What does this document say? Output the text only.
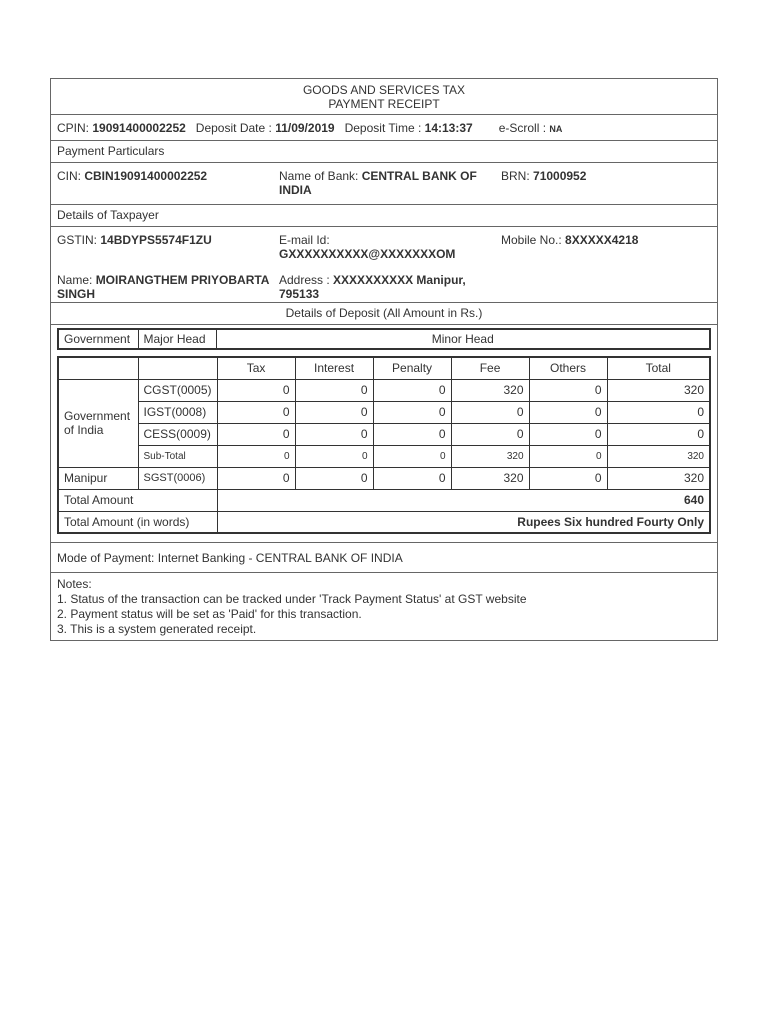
GOODS AND SERVICES TAX
PAYMENT RECEIPT
CPIN: 19091400002252 Deposit Date : 11/09/2019 Deposit Time : 14:13:37 e-Scroll : NA
Payment Particulars
CIN: CBIN19091400002252	Name of Bank: CENTRAL BANK OF INDIA
BRN: 71000952
Details of Taxpayer
GSTIN: 14BDYPS5574F1ZU	E-mail Id:
GXXXXXXXXXX@XXXXXXXOM
Mobile No.: 8XXXXX4218
Name: MOIRANGTHEM PRIYOBARTA SINGH
Address : XXXXXXXXXX Manipur, 795133
Details of Deposit (All Amount in Rs.)
Government	Major Head	Minor Head
		Tax	Interest	Penalty	Fee	Others	Total
Government of India	CGST(0005)	0	0	0	320	0	320
	IGST(0008)	0	0	0	0	0	0
	CESS(0009)	0	0	0	0	0	0
	Sub-Total	0	0	0	320	0	320
Manipur	SGST(0006)	0	0	0	320	0	320
Total Amount		640					
Total Amount (in words)		Rupees Six hundred Fourty Only					
Mode of Payment: Internet Banking - CENTRAL BANK OF INDIA
Notes:
1. Status of the transaction can be tracked under 'Track Payment Status' at GST website
2. Payment status will be set as 'Paid' for this transaction.
3. This is a system generated receipt.
